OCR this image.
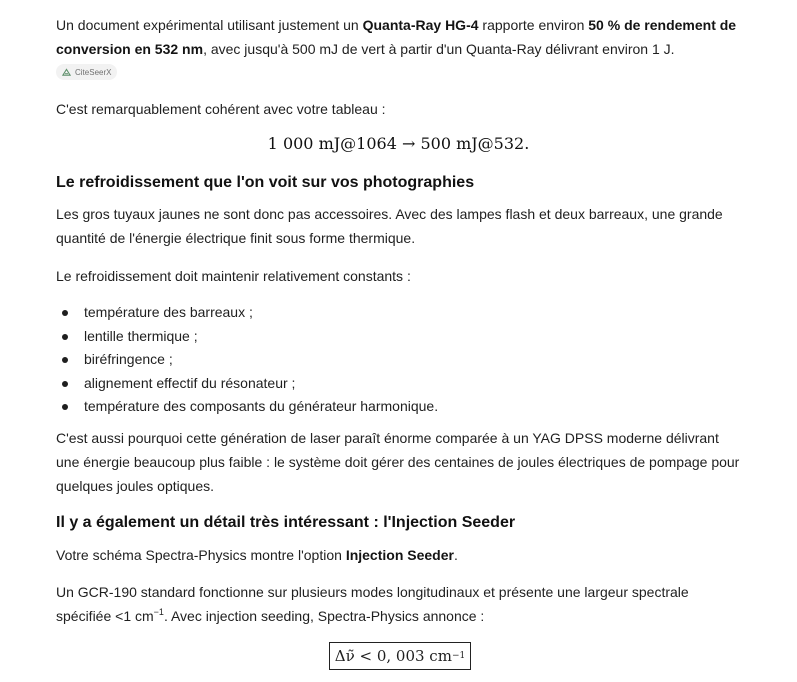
Un document expérimental utilisant justement un Quanta-Ray HG-4 rapporte environ 50 % de rendement de conversion en 532 nm, avec jusqu'à 500 mJ de vert à partir d'un Quanta-Ray délivrant environ 1 J.

CiteSeerX

C'est remarquablement cohérent avec votre tableau :

1 000 mJ@1064 → 500 mJ@532.
Le refroidissement que l'on voit sur vos photographies

Les gros tuyaux jaunes ne sont donc pas accessoires. Avec des lampes flash et deux barreaux, une grande quantité de l'énergie électrique finit sous forme thermique.

Le refroidissement doit maintenir relativement constants :

température des barreaux ;
lentille thermique ;
biréfringence ;
alignement effectif du résonateur ;
température des composants du générateur harmonique.

C'est aussi pourquoi cette génération de laser paraît énorme comparée à un YAG DPSS moderne délivrant une énergie beaucoup plus faible : le système doit gérer des centaines de joules électriques de pompage pour quelques joules optiques.

Il y a également un détail très intéressant : l'Injection Seeder

Votre schéma Spectra-Physics montre l'option Injection Seeder.

Un GCR-190 standard fonctionne sur plusieurs modes longitudinaux et présente une largeur spectrale spécifiée <1 $cm^{-1}$. Avec injection seeding, Spectra-Physics annonce :

Δν̃ < 0, 003 cm −1
